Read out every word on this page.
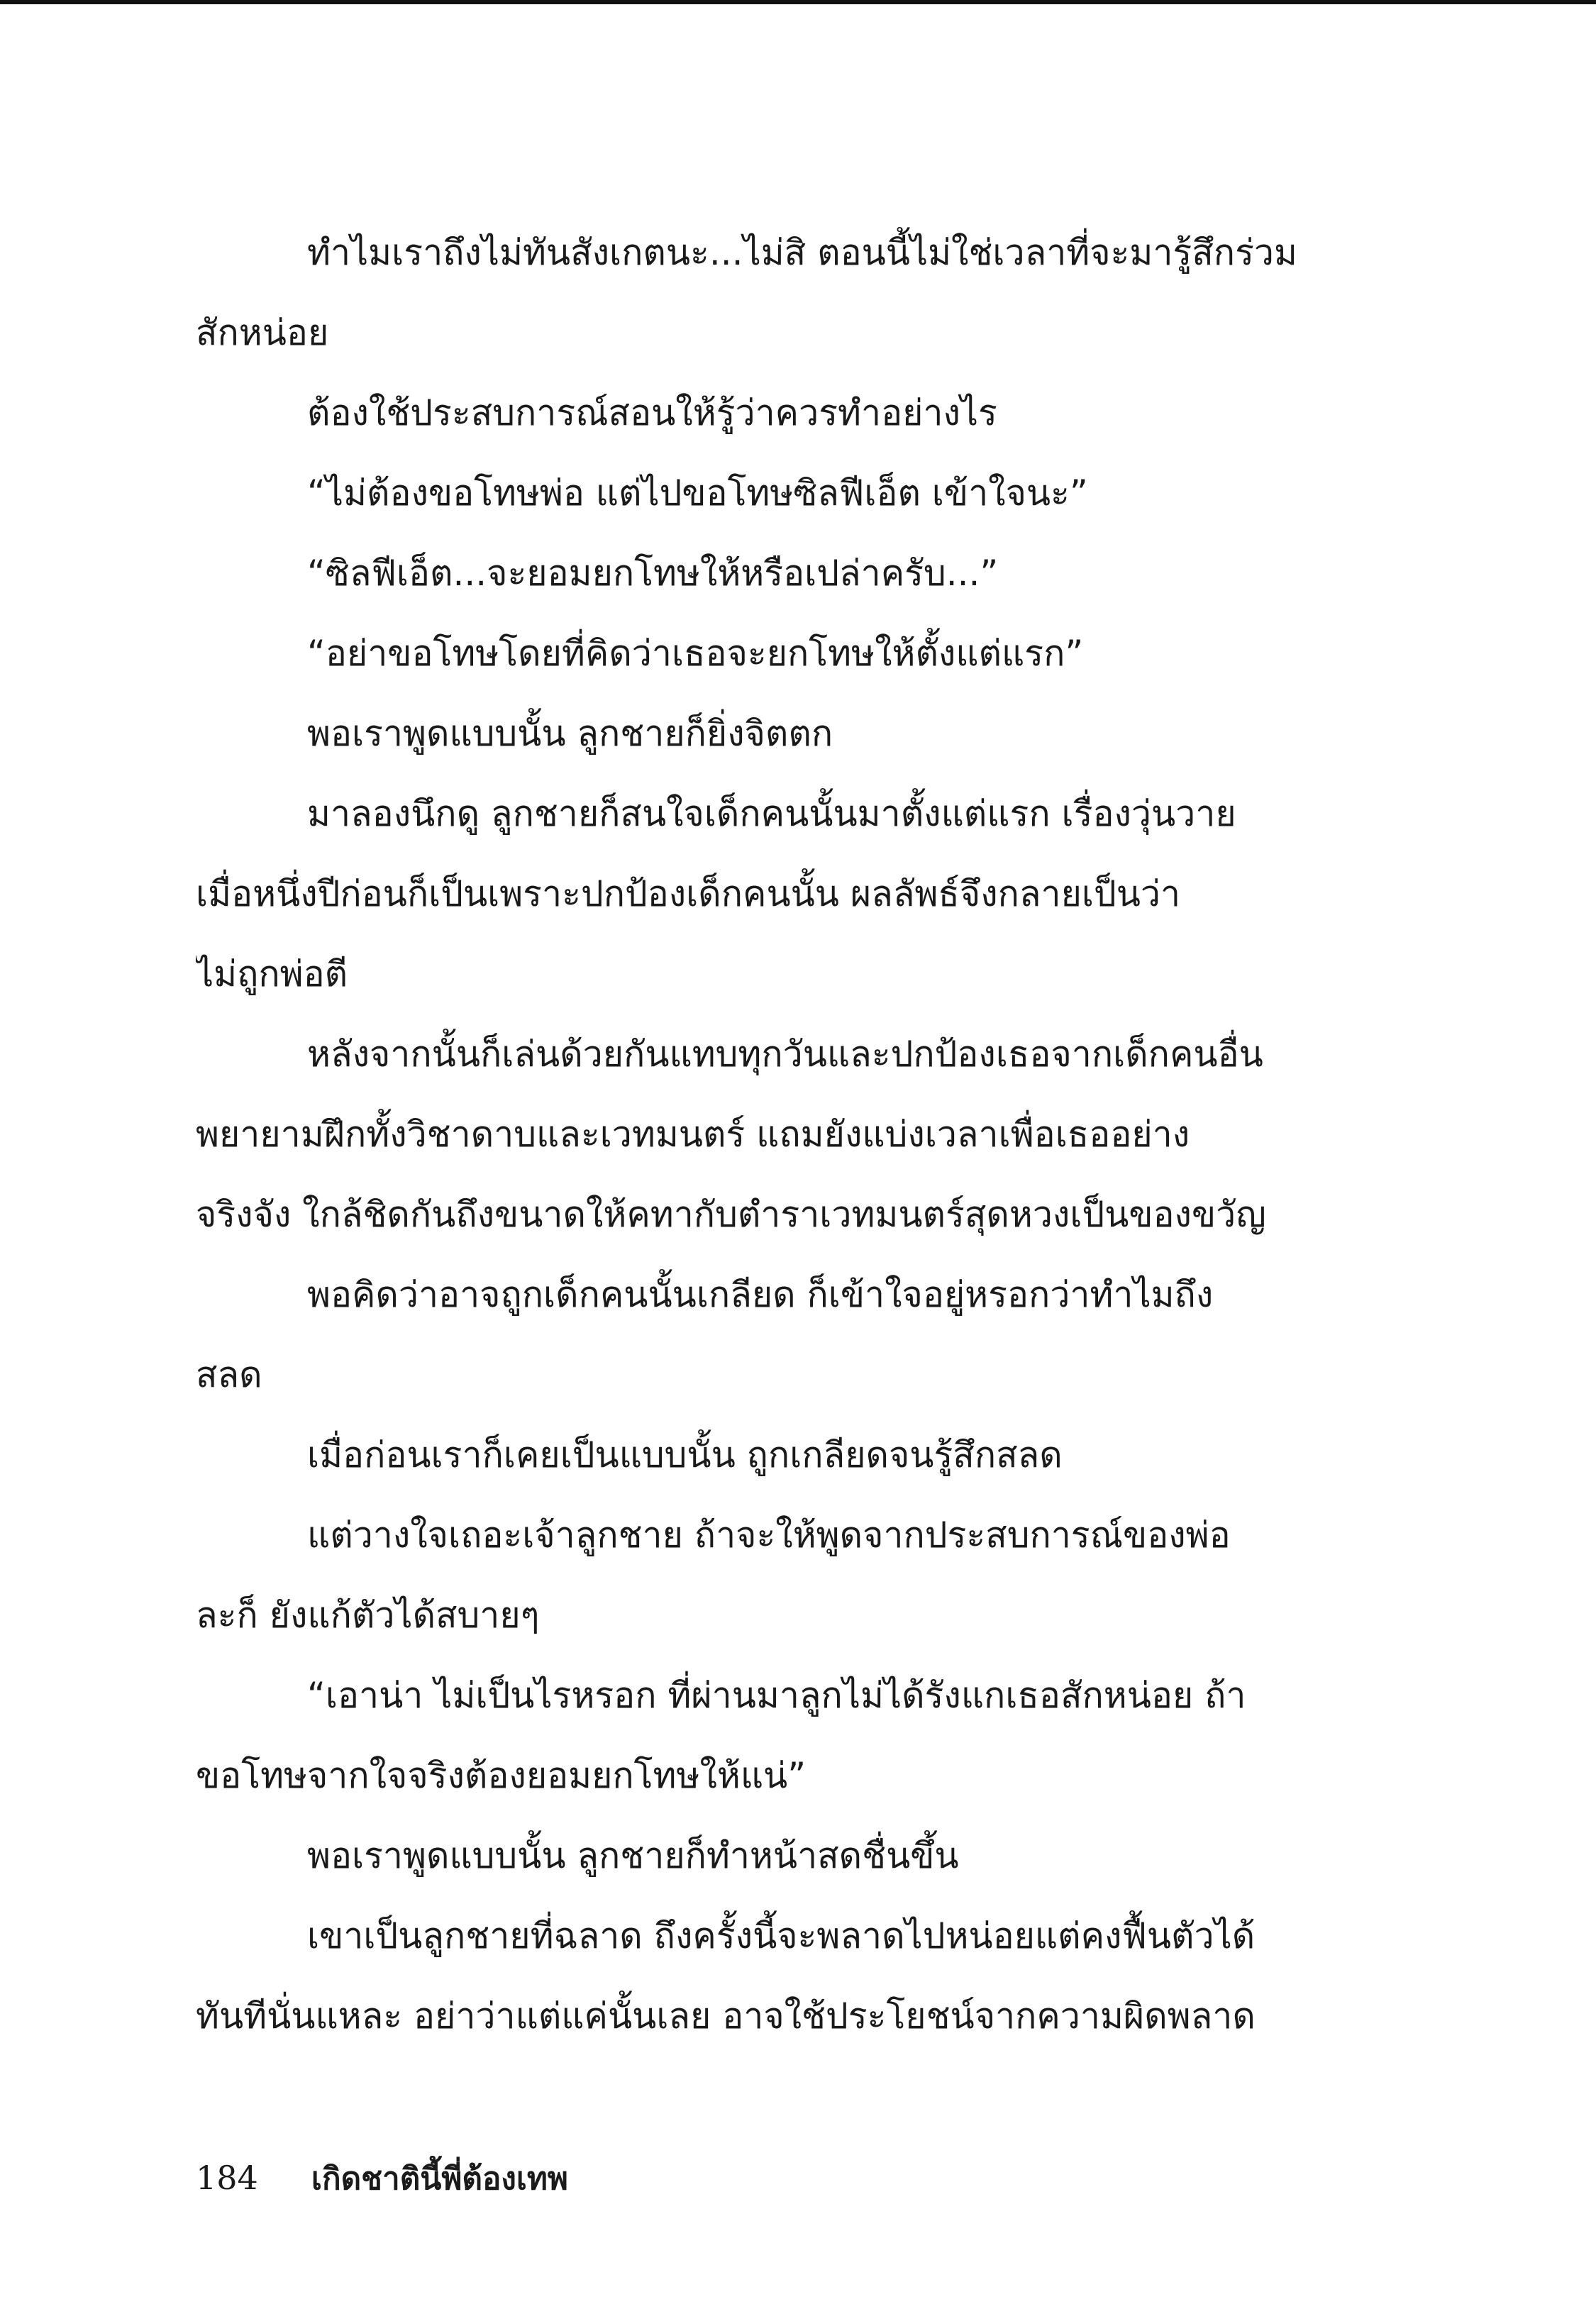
ทำไมเราถึงไม่ทันสังเกตนะ...ไม่สิ ตอนนี้ไม่ใช่เวลาที่จะมารู้สึกร่วม
สักหน่อย
ต้องใช้ประสบการณ์สอนให้รู้ว่าควรทำอย่างไร
“ไม่ต้องขอโทษพ่อ แต่ไปขอโทษซิลฟีเอ็ต เข้าใจนะ”
“ซิลฟีเอ็ต...จะยอมยกโทษให้หรือเปล่าครับ...”
“อย่าขอโทษโดยที่คิดว่าเธอจะยกโทษให้ตั้งแต่แรก”
พอเราพูดแบบนั้น ลูกชายก็ยิ่งจิตตก
มาลองนึกดู ลูกชายก็สนใจเด็กคนนั้นมาตั้งแต่แรก เรื่องวุ่นวาย
เมื่อหนึ่งปีก่อนก็เป็นเพราะปกป้องเด็กคนนั้น ผลลัพธ์จึงกลายเป็นว่า
ไม่ถูกพ่อตี
หลังจากนั้นก็เล่นด้วยกันแทบทุกวันและปกป้องเธอจากเด็กคนอื่น
พยายามฝึกทั้งวิชาดาบและเวทมนตร์ แถมยังแบ่งเวลาเพื่อเธออย่าง
จริงจัง ใกล้ชิดกันถึงขนาดให้คทากับตำราเวทมนตร์สุดหวงเป็นของขวัญ
พอคิดว่าอาจถูกเด็กคนนั้นเกลียด ก็เข้าใจอยู่หรอกว่าทำไมถึง
สลด
เมื่อก่อนเราก็เคยเป็นแบบนั้น ถูกเกลียดจนรู้สึกสลด
แต่วางใจเถอะเจ้าลูกชาย ถ้าจะให้พูดจากประสบการณ์ของพ่อ
ละก็ ยังแก้ตัวได้สบายๆ
“เอาน่า ไม่เป็นไรหรอก ที่ผ่านมาลูกไม่ได้รังแกเธอสักหน่อย ถ้า
ขอโทษจากใจจริงต้องยอมยกโทษให้แน่”
พอเราพูดแบบนั้น ลูกชายก็ทำหน้าสดชื่นขึ้น
เขาเป็นลูกชายที่ฉลาด ถึงครั้งนี้จะพลาดไปหน่อยแต่คงฟื้นตัวได้
ทันทีนั่นแหละ อย่าว่าแต่แค่นั้นเลย อาจใช้ประโยชน์จากความผิดพลาด
184 เกิดชาตินี้พี่ต้องเทพ
